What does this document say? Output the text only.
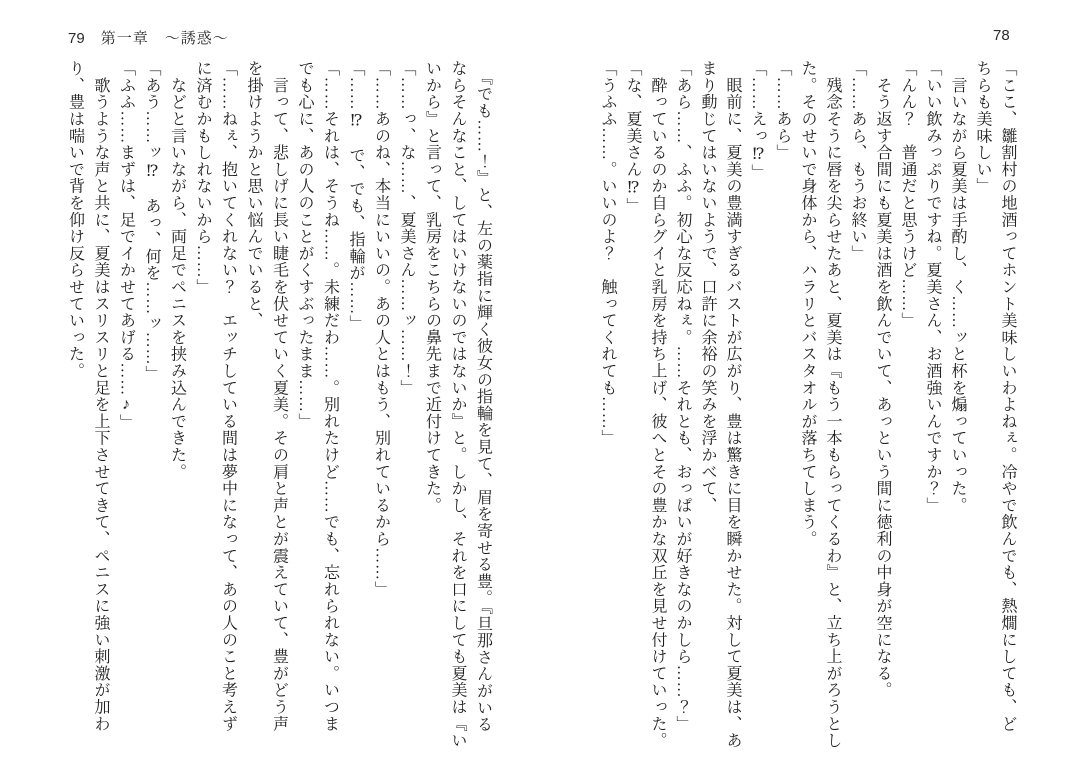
79 第一章　～誘惑～	78
「ここ、雛割村の地酒ってホント美味しいわよねぇ。冷やで飲んでも、熱燗にしても、ど
ちらも美味しい」
　言いながら夏美は手酌し、く……ッと杯を煽っていった。
「いい飲みっぷりですね。夏美さん、お酒強いんですか？」
「んん？　普通だと思うけど……」
　そう返す合間にも夏美は酒を飲んでいて、あっという間に徳利の中身が空になる。
「……あら、もうお終い」
　残念そうに唇を尖らせたあと、夏美は『もう一本もらってくるわ』と、立ち上がろうとし
た。そのせいで身体から、ハラリとバスタオルが落ちてしまう。
「……あら」
「……えっ⁉」
　眼前に、夏美の豊満すぎるバストが広がり、豊は驚きに目を瞬かせた。対して夏美は、あ
まり動じてはいないようで、口許に余裕の笑みを浮かべて、
「あら……、ふふ。初心な反応ねぇ。……それとも、おっぱいが好きなのかしら……？」
　酔っているのか自らグイと乳房を持ち上げ、彼へとその豊かな双丘を見せ付けていった。
「な、夏美さん⁉」
「うふふ……。いいのよ？　触ってくれても……」
　『でも……！』と、左の薬指に輝く彼女の指輪を見て、眉を寄せる豊。『旦那さんがいる
ならそんなこと、してはいけないのではないか』と。しかし、それを口にしても夏美は『い
いから』と言って、乳房をこちらの鼻先まで近付けてきた。
「……っ、な……、夏美さん……ッ……！」
「……あのね、本当にいいの。あの人とはもう、別れているから……」
「……⁉　で、でも、指輪が……」
「……それは、そうね……。未練だわ……。別れたけど……でも、忘れられない。いつま
でも心に、あの人のことがくすぶったまま……」
　言って、悲しげに長い睫毛を伏せていく夏美。その肩と声とが震えていて、豊がどう声
を掛けようかと思い悩んでいると、
「……ねぇ、抱いてくれない？　エッチしている間は夢中になって、あの人のこと考えず
に済むかもしれないから……」
　などと言いながら、両足でペニスを挟み込んできた。
「あう……ッ⁉　あっ、何を……ッ……」
「ふふ……まずは、足でイかせてあげる……♪」
　歌うような声と共に、夏美はスリスリと足を上下させてきて、ペニスに強い刺激が加わ
り、豊は喘いで背を仰け反らせていった。
